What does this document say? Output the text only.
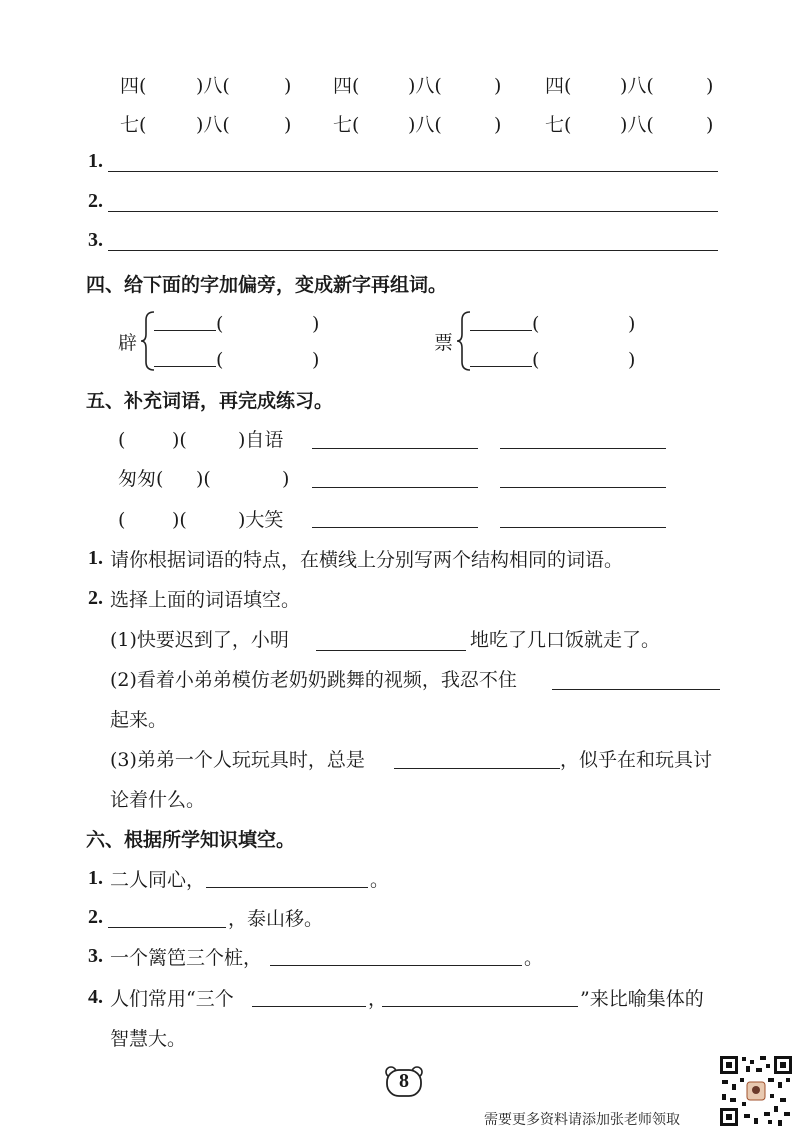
四(	)八(	) 四(	)八(	) 四(	)八(	)
七(	)八(	) 七(	)八(	) 七(	)八(	)
1.
2.
3.
四、给下面的字加偏旁，变成新字再组词。
辟
(	)
(	)
票
(	)
(	)
五、补充词语，再完成练习。
( )(	)自语
匆匆( )(	)
( )(	)大笑
1. 请你根据词语的特点，在横线上分别写两个结构相同的词语。
2. 选择上面的词语填空。
(1)快要迟到了，小明	地吃了几口饭就走了。
(2)看着小弟弟模仿老奶奶跳舞的视频，我忍不住
起来。
(3)弟弟一个人玩玩具时，总是	，似乎在和玩具讨
论着什么。
六、根据所学知识填空。
1. 二人同心，	。
2.	，泰山移。
3. 一个篱笆三个桩，	。
4. 人们常用“三个	，	”来比喻集体的
智慧大。
8
需要更多资料请添加张老师领取
